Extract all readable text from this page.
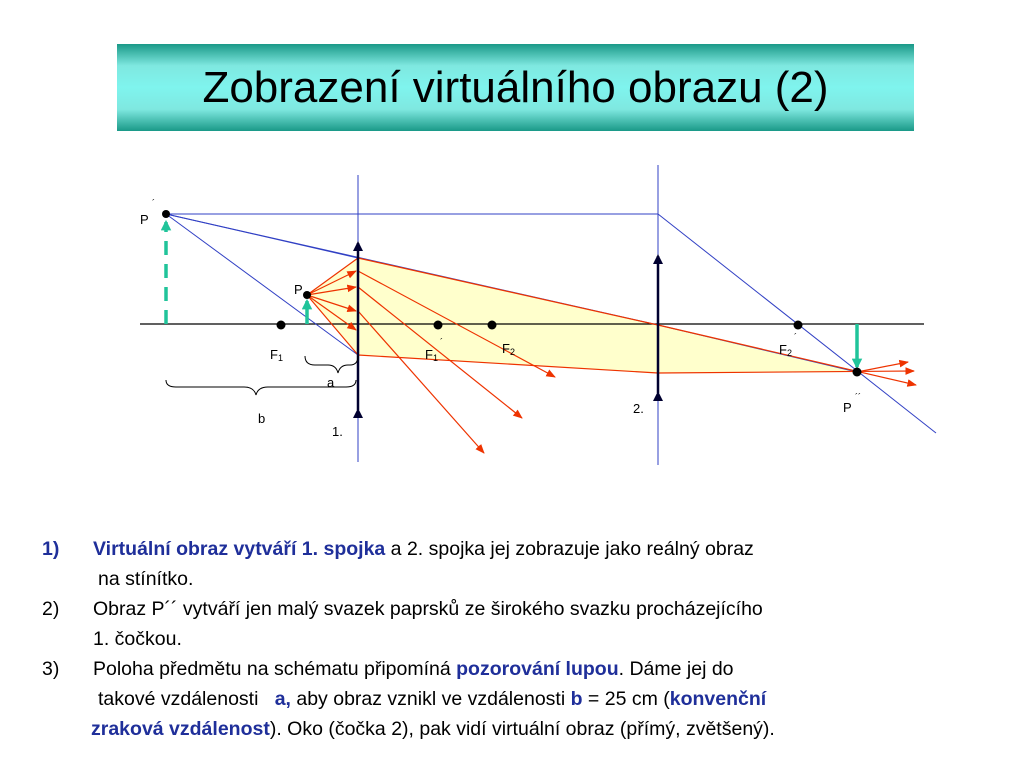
Zobrazení virtuálního obrazu (2)
P
´
P
F1	F1
´	F2	F2
´
P
´´
a
b
1.
2.
1) Virtuální obraz vytváří 1. spojka a 2. spojka jej zobrazuje jako reálný obraz
na stínítko.
2) Obraz P´´ vytváří jen malý svazek paprsků ze širokého svazku procházejícího
1. čočkou.
3) Poloha předmětu na schématu připomíná pozorování lupou. Dáme jej do
takové vzdálenosti   a, aby obraz vznikl ve vzdálenosti b = 25 cm (konvenční
zraková vzdálenost). Oko (čočka 2), pak vidí virtuální obraz (přímý, zvětšený).
